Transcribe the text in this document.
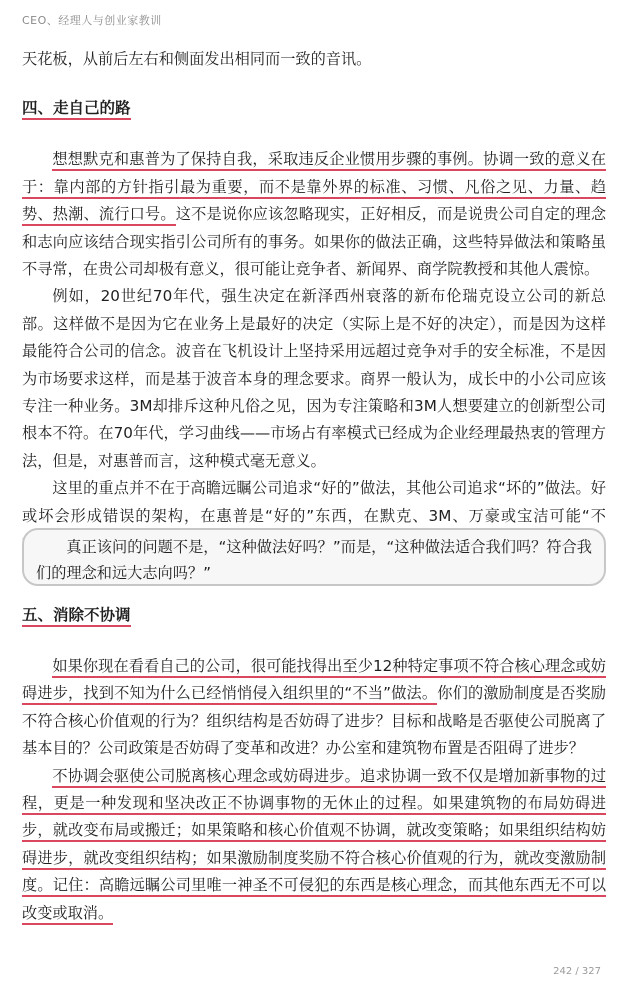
CEO、经理人与创业家教训

天花板，从前后左右和侧面发出相同而一致的音讯。

四、走自己的路

想想默克和惠普为了保持自我，采取违反企业惯用步骤的事例。协调一致的意义在于：靠内部的方针指引最为重要，而不是靠外界的标准、习惯、凡俗之见、力量、趋势、热潮、流行口号。这不是说你应该忽略现实，正好相反，而是说贵公司自定的理念和志向应该结合现实指引公司所有的事务。如果你的做法正确，这些特异做法和策略虽不寻常，在贵公司却极有意义，很可能让竞争者、新闻界、商学院教授和其他人震惊。

例如，20世纪70年代，强生决定在新泽西州衰落的新布伦瑞克设立公司的新总部。这样做不是因为它在业务上是最好的决定（实际上是不好的决定），而是因为这样最能符合公司的信念。波音在飞机设计上坚持采用远超过竞争对手的安全标准，不是因为市场要求这样，而是基于波音本身的理念要求。商界一般认为，成长中的小公司应该专注一种业务。3M却排斥这种凡俗之见，因为专注策略和3M人想要建立的创新型公司根本不符。在70年代，学习曲线——市场占有率模式已经成为企业经理最热衷的管理方法，但是，对惠普而言，这种模式毫无意义。

这里的重点并不在于高瞻远瞩公司追求“好的”做法，其他公司追求“坏的”做法。好或坏会形成错误的架构，在惠普是“好的”东西，在默克、3M、万豪或宝洁可能“不

真正该问的问题不是，“这种做法好吗？”而是，“这种做法适合我们吗？符合我们的理念和远大志向吗？”

五、消除不协调

如果你现在看看自己的公司，很可能找得出至少12种特定事项不符合核心理念或妨碍进步，找到不知为什么已经悄悄侵入组织里的“不当”做法。你们的激励制度是否奖励不符合核心价值观的行为？组织结构是否妨碍了进步？目标和战略是否驱使公司脱离了基本目的？公司政策是否妨碍了变革和改进？办公室和建筑物布置是否阻碍了进步？

不协调会驱使公司脱离核心理念或妨碍进步。追求协调一致不仅是增加新事物的过程，更是一种发现和坚决改正不协调事物的无休止的过程。如果建筑物的布局妨碍进步，就改变布局或搬迁；如果策略和核心价值观不协调，就改变策略；如果组织结构妨碍进步，就改变组织结构；如果激励制度奖励不符合核心价值观的行为，就改变激励制度。记住：高瞻远瞩公司里唯一神圣不可侵犯的东西是核心理念，而其他东西无不可以改变或取消。

242 / 327
